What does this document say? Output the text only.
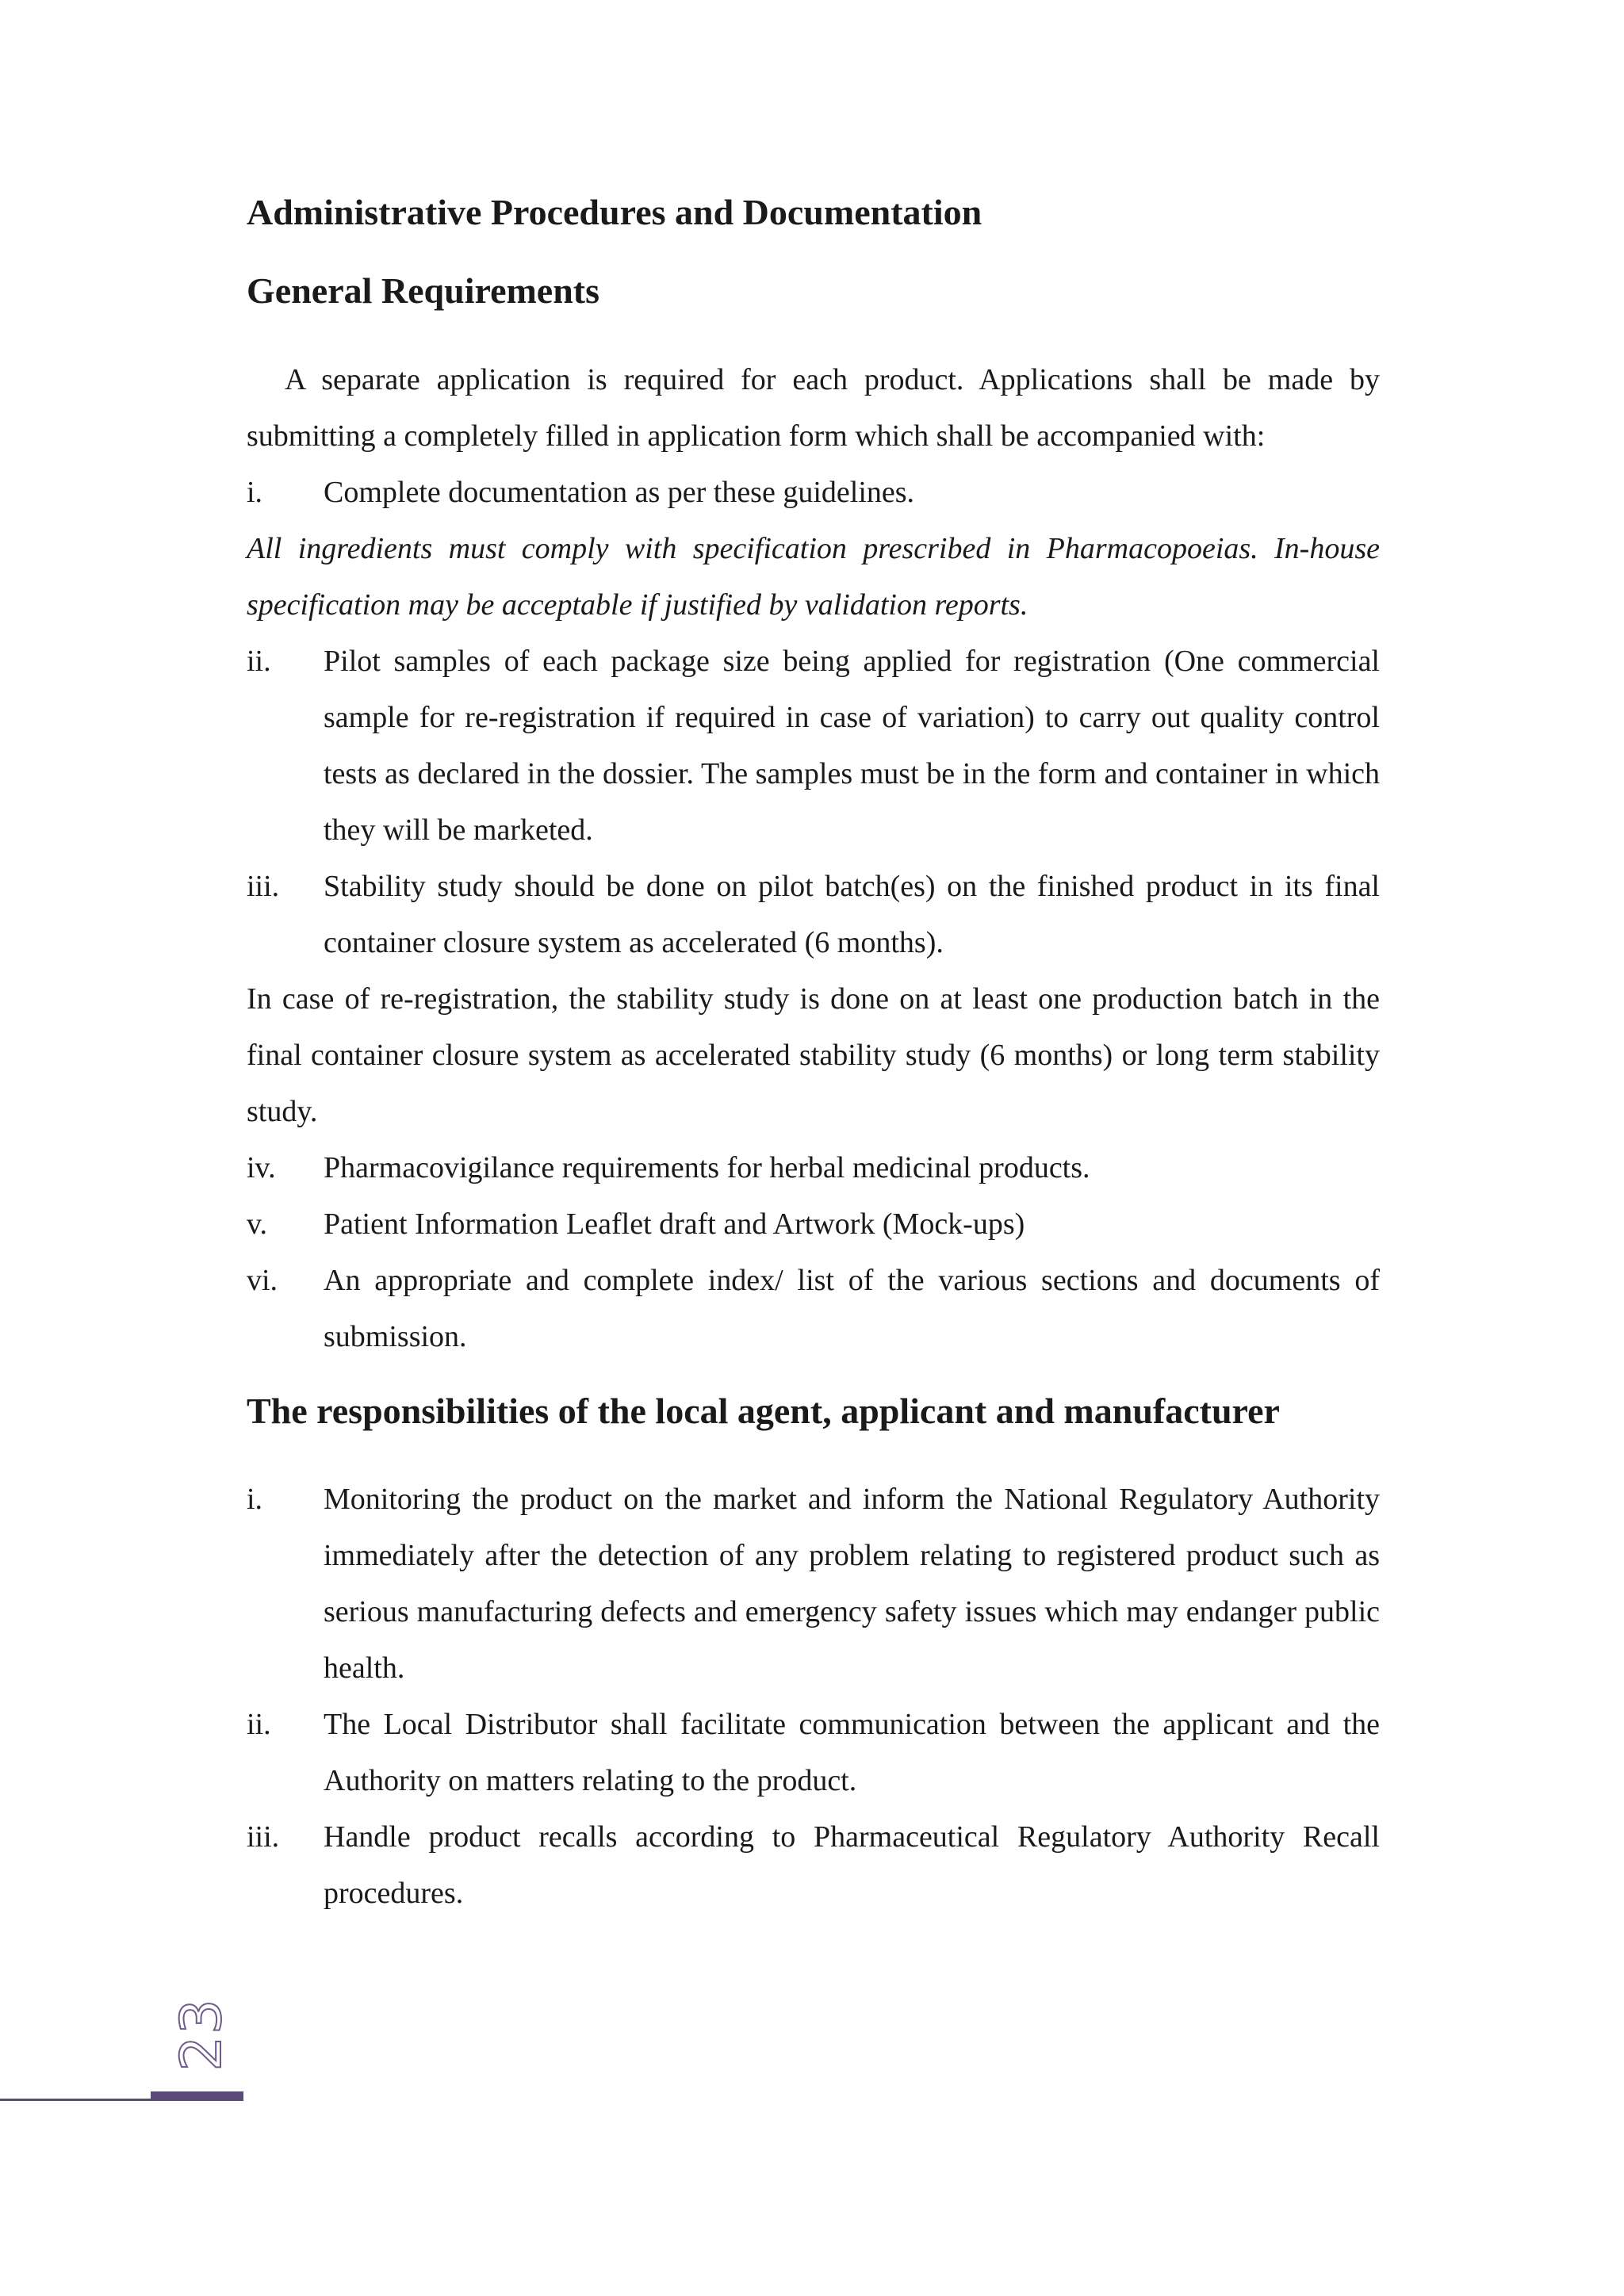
Administrative Procedures and Documentation
General Requirements

A separate application is required for each product. Applications shall be made by submitting a completely filled in application form which shall be accompanied with:

i.	Complete documentation as per these guidelines.

All ingredients must comply with specification prescribed in Pharmacopoeias. In-house specification may be acceptable if justified by validation reports.

ii.	Pilot samples of each package size being applied for registration (One commercial sample for re-registration if required in case of variation) to carry out quality control tests as declared in the dossier. The samples must be in the form and container in which they will be marketed.
iii.	Stability study should be done on pilot batch(es) on the finished product in its final container closure system as accelerated (6 months).

In case of re-registration, the stability study is done on at least one production batch in the final container closure system as accelerated stability study (6 months) or long term stability study.

iv.	Pharmacovigilance requirements for herbal medicinal products.
v.	Patient Information Leaflet draft and Artwork (Mock-ups)
vi.	An appropriate and complete index/ list of the various sections and documents of submission.
The responsibilities of the local agent, applicant and manufacturer
i.	Monitoring the product on the market and inform the National Regulatory Authority immediately after the detection of any problem relating to registered product such as serious manufacturing defects and emergency safety issues which may endanger public health.
ii.	The Local Distributor shall facilitate communication between the applicant and the Authority on matters relating to the product.
iii.	Handle product recalls according to Pharmaceutical Regulatory Authority Recall procedures.
23
